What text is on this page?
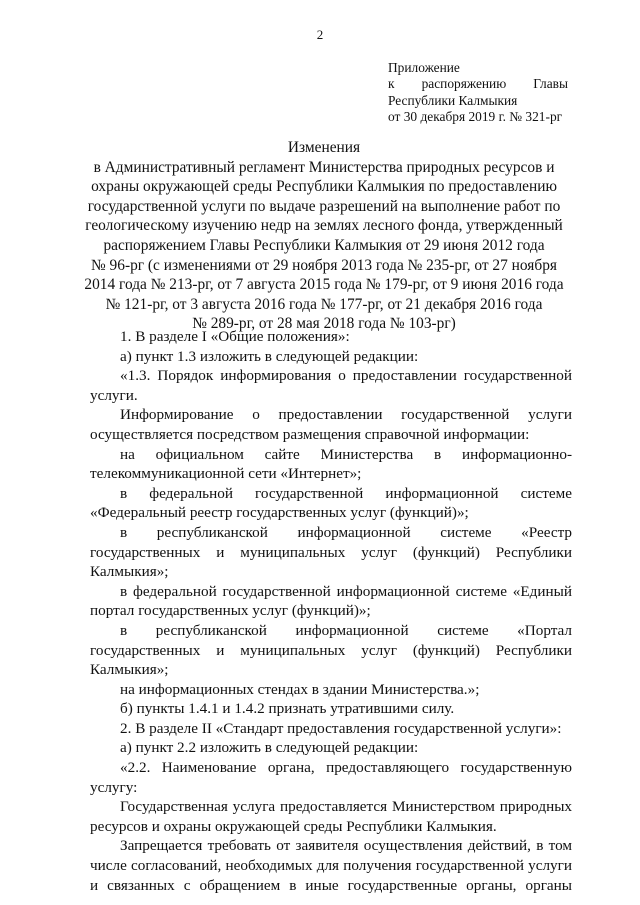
2
Приложение
к распоряжению Главы
Республики Калмыкия
от 30 декабря 2019 г. № 321-рг
Изменения
в Административный регламент Министерства природных ресурсов и
охраны окружающей среды Республики Калмыкия по предоставлению
государственной услуги по выдаче разрешений на выполнение работ по
геологическому изучению недр на землях лесного фонда, утвержденный
распоряжением Главы Республики Калмыкия от 29 июня 2012 года
№ 96-рг (с изменениями от 29 ноября 2013 года № 235-рг, от 27 ноября
2014 года № 213-рг, от 7 августа 2015 года № 179-рг, от 9 июня 2016 года
№ 121-рг, от 3 августа 2016 года № 177-рг, от 21 декабря 2016 года
№ 289-рг, от 28 мая 2018 года № 103-рг)

1. В разделе I «Общие положения»:

а) пункт 1.3 изложить в следующей редакции:

«1.3. Порядок информирования о предоставлении государственной услуги.

Информирование о предоставлении государственной услуги осуществляется посредством размещения справочной информации:

на официальном сайте Министерства в информационно-телекоммуникационной сети «Интернет»;

в федеральной государственной информационной системе «Федеральный реестр государственных услуг (функций)»;

в республиканской информационной системе «Реестр государственных и муниципальных услуг (функций) Республики Калмыкия»;

в федеральной государственной информационной системе «Единый портал государственных услуг (функций)»;

в республиканской информационной системе «Портал государственных и муниципальных услуг (функций) Республики Калмыкия»;

на информационных стендах в здании Министерства.»;

б) пункты 1.4.1 и 1.4.2 признать утратившими силу.

2. В разделе II «Стандарт предоставления государственной услуги»:

а) пункт 2.2 изложить в следующей редакции:

«2.2. Наименование органа, предоставляющего государственную услугу:

Государственная услуга предоставляется Министерством природных ресурсов и охраны окружающей среды Республики Калмыкия.

Запрещается требовать от заявителя осуществления действий, в том числе согласований, необходимых для получения государственной услуги и связанных с обращением в иные государственные органы, органы
